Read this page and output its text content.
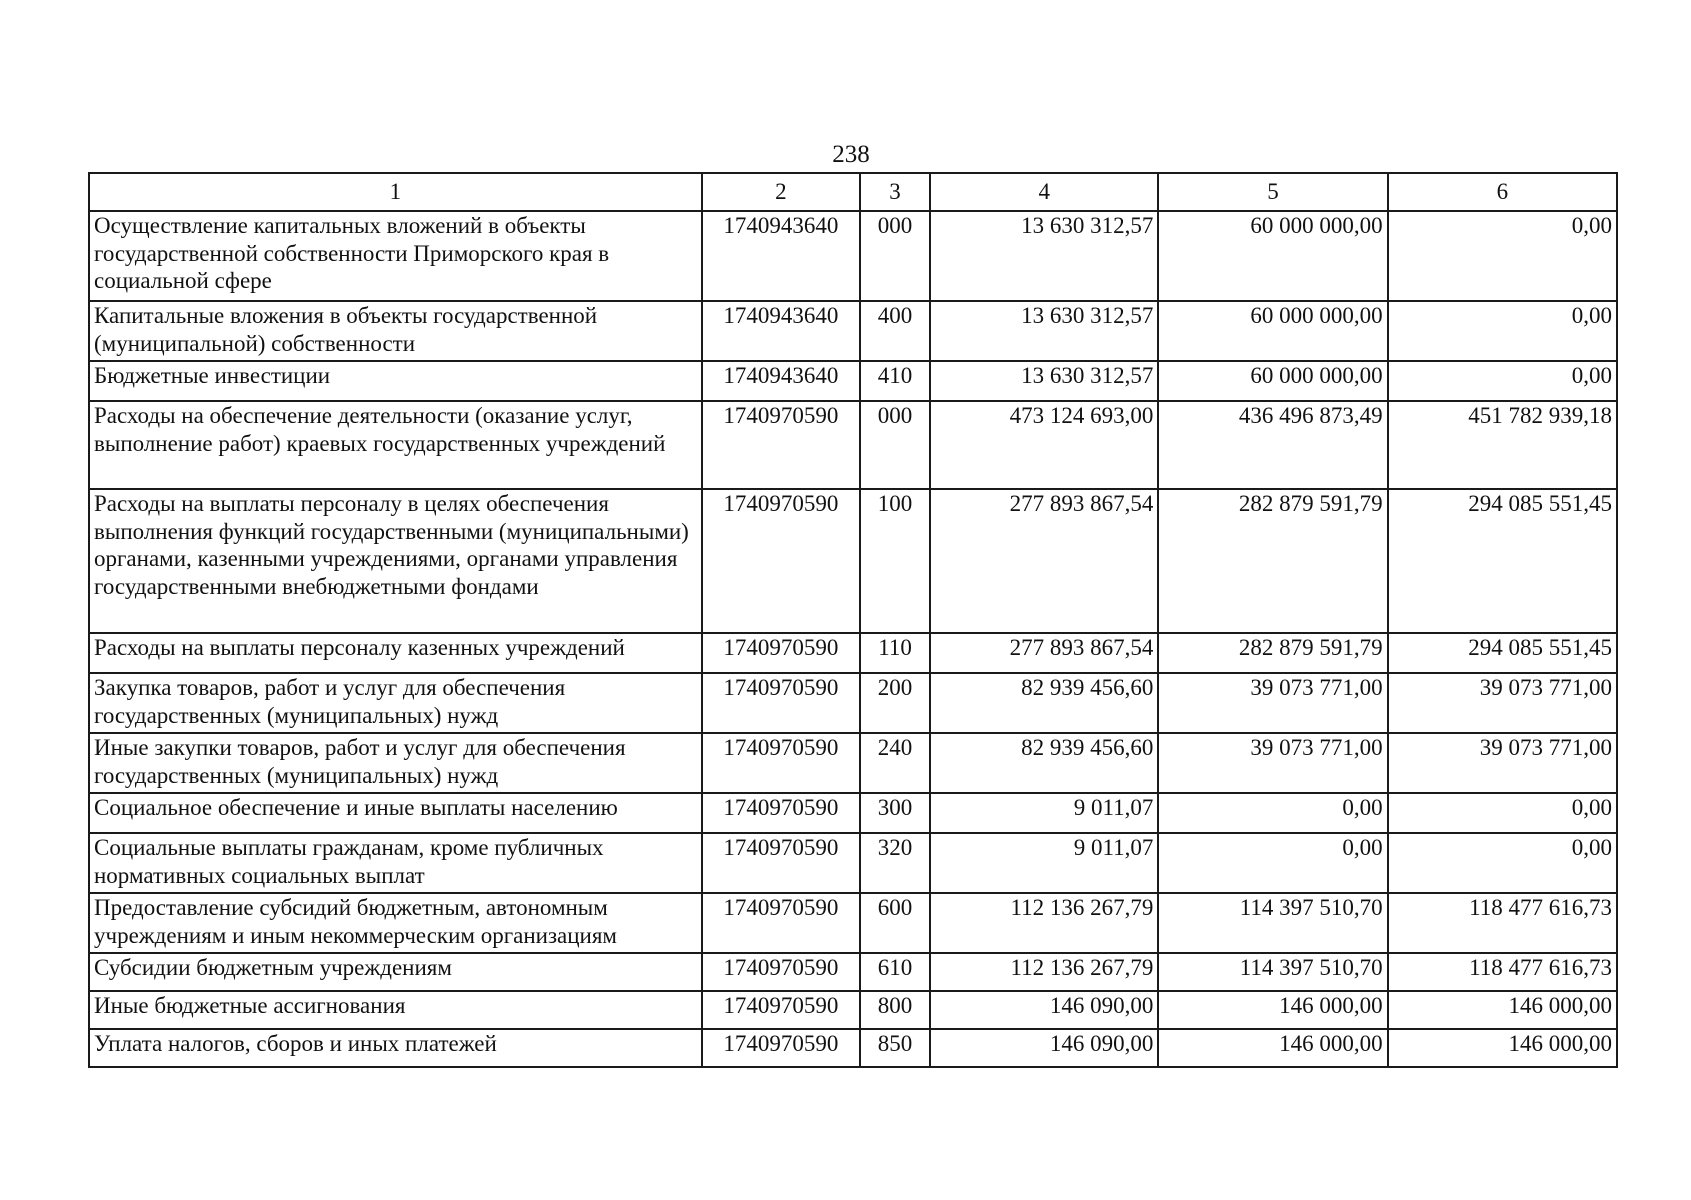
238
1	2	3	4	5	6
Осуществление капитальных вложений в объекты государственной собственности Приморского края в социальной сфере	1740943640	000	13 630 312,57	60 000 000,00	0,00
Капитальные вложения в объекты государственной (муниципальной) собственности	1740943640	400	13 630 312,57	60 000 000,00	0,00
Бюджетные инвестиции	1740943640	410	13 630 312,57	60 000 000,00	0,00
Расходы на обеспечение деятельности (оказание услуг, выполнение работ) краевых государственных учреждений	1740970590	000	473 124 693,00	436 496 873,49	451 782 939,18
Расходы на выплаты персоналу в целях обеспечения выполнения функций государственными (муниципальными) органами, казенными учреждениями, органами управления государственными внебюджетными фондами	1740970590	100	277 893 867,54	282 879 591,79	294 085 551,45
Расходы на выплаты персоналу казенных учреждений	1740970590	110	277 893 867,54	282 879 591,79	294 085 551,45
Закупка товаров, работ и услуг для обеспечения государственных (муниципальных) нужд	1740970590	200	82 939 456,60	39 073 771,00	39 073 771,00
Иные закупки товаров, работ и услуг для обеспечения государственных (муниципальных) нужд	1740970590	240	82 939 456,60	39 073 771,00	39 073 771,00
Социальное обеспечение и иные выплаты населению	1740970590	300	9 011,07	0,00	0,00
Социальные выплаты гражданам, кроме публичных нормативных социальных выплат	1740970590	320	9 011,07	0,00	0,00
Предоставление субсидий бюджетным, автономным учреждениям и иным некоммерческим организациям	1740970590	600	112 136 267,79	114 397 510,70	118 477 616,73
Субсидии бюджетным учреждениям	1740970590	610	112 136 267,79	114 397 510,70	118 477 616,73
Иные бюджетные ассигнования	1740970590	800	146 090,00	146 000,00	146 000,00
Уплата налогов, сборов и иных платежей	1740970590	850	146 090,00	146 000,00	146 000,00
